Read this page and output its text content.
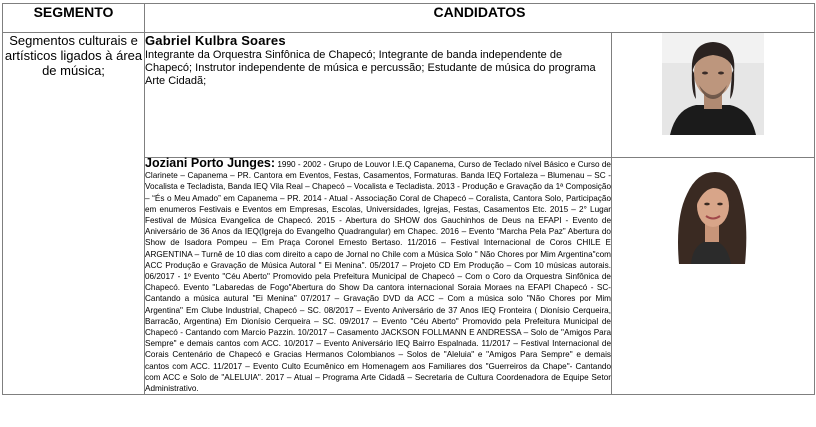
SEGMENTO	CANDIDATOS	
Segmentos culturais e artísticos ligados à área de música;	Gabriel Kulbra Soares
Integrante da Orquestra Sinfônica de Chapecó; Integrante de banda independente de Chapecó; Instrutor independente de música e percussão; Estudante de música do programa Arte Cidadã;

	Joziani Porto Junges: 1990 - 2002 - Grupo de Louvor I.E.Q Capanema, Curso de Teclado nível Básico e Curso de Clarinete – Capanema – PR. Cantora em Eventos, Festas, Casamentos, Formaturas. Banda IEQ Fortaleza – Blumenau – SC - Vocalista e Tecladista, Banda IEQ Vila Real – Chapecó – Vocalista e Tecladista. 2013 - Produção e Gravação da 1ª Composição – “És o Meu Amado” em Capanema – PR. 2014 - Atual - Associação Coral de Chapecó – Coralista, Cantora Solo, Participação em enumeros Festivais e Eventos em Empresas, Escolas, Universidades, Igrejas, Festas, Casamentos Etc. 2015 – 2° Lugar Festival de Música Evangelica de Chapecó. 2015 - Abertura do SHOW dos Gauchinhos de Deus na EFAPI - Evento de Aniversário de 36 Anos da IEQ(Igreja do Evangelho Quadrangular) em Chapec. 2016 – Evento “Marcha Pela Paz” Abertura do Show de Isadora Pompeu – Em Praça Coronel Ernesto Bertaso. 11/2016 – Festival Internacional de Coros CHILE E ARGENTINA – Turnê de 10 dias com direito a capo de Jornal no Chile com a Música Solo " Não Chores por Mim Argentina"com ACC Produção e Gravação de Música Autoral " Ei Menina". 05/2017 – Projeto CD Em Produção – Com 10 músicas autorais. 06/2017 - 1º Evento "Céu Aberto" Promovido pela Prefeitura Municipal de Chapecó – Com o Coro da Orquestra Sinfônica de Chapecó. Evento "Labaredas de Fogo"Abertura do Show Da cantora internacional Soraia Moraes na EFAPI Chapecó - SC- Cantando a música autural "Ei Menina" 07/2017 – Gravação DVD da ACC – Com a música solo "Não Chores por Mim Argentina" Em Clube Industrial, Chapecó – SC. 08/2017 – Evento Aniversário de 37 Anos IEQ Fronteira ( Dionísio Cerqueira, Barracão, Argentina) Em Dionísio Cerqueira – SC. 09/2017 – Evento "Céu Aberto" Promovido pela Prefeitura Municipal de Chapecó - Cantando com Marcio Pazzin. 10/2017 – Casamento JACKSON FOLLMANN E ANDRESSA – Solo de "Amigos Para Sempre" e demais cantos com ACC. 10/2017 – Evento Aniversário IEQ Bairro Espalnada. 11/2017 – Festival Internacional de Corais Centenário de Chapecó e Gracias Hermanos Colombianos – Solos de "Aleluia" e "Amigos Para Sempre" e demais cantos com ACC. 11/2017 – Evento Culto Ecumênico em Homenagem aos Familiares dos "Guerreiros da Chape"- Cantando com ACC e Solo de "ALELUIA". 2017 – Atual – Programa Arte Cidadã – Secretaria de Cultura Coordenadora de Equipe Setor Administrativo.
